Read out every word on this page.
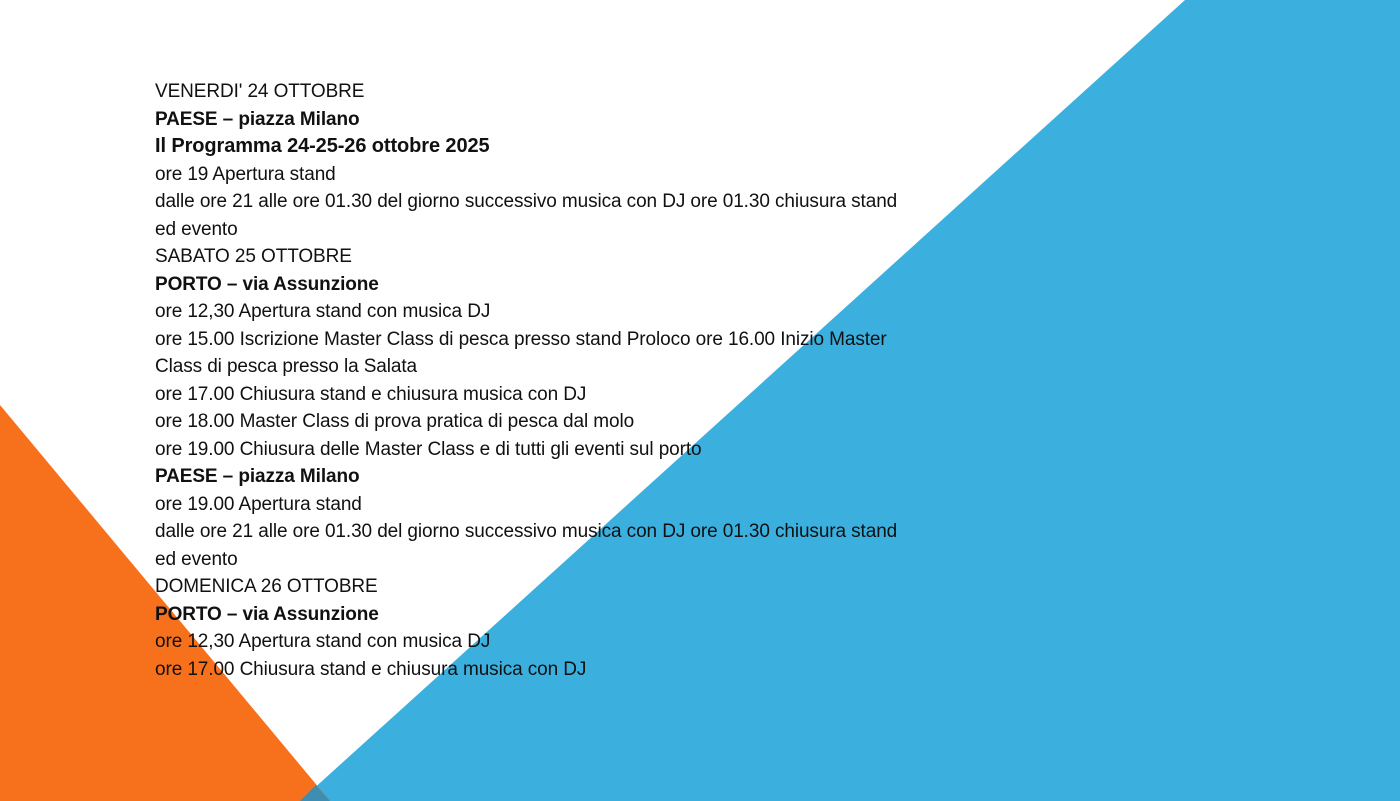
VENERDI' 24 OTTOBRE
PAESE – piazza Milano
Il Programma 24-25-26 ottobre 2025
ore 19 Apertura stand
dalle ore 21 alle ore 01.30 del giorno successivo musica con DJ ore 01.30 chiusura stand
ed evento
SABATO 25 OTTOBRE
PORTO – via Assunzione
ore 12,30 Apertura stand con musica DJ
ore 15.00 Iscrizione Master Class di pesca presso stand Proloco ore 16.00 Inizio Master
Class di pesca presso la Salata
ore 17.00 Chiusura stand e chiusura musica con DJ
ore 18.00 Master Class di prova pratica di pesca dal molo
ore 19.00 Chiusura delle Master Class e di tutti gli eventi sul porto
PAESE – piazza Milano
ore 19.00 Apertura stand
dalle ore 21 alle ore 01.30 del giorno successivo musica con DJ ore 01.30 chiusura stand
ed evento
DOMENICA 26 OTTOBRE
PORTO – via Assunzione
ore 12,30 Apertura stand con musica DJ
ore 17.00 Chiusura stand e chiusura musica con DJ
